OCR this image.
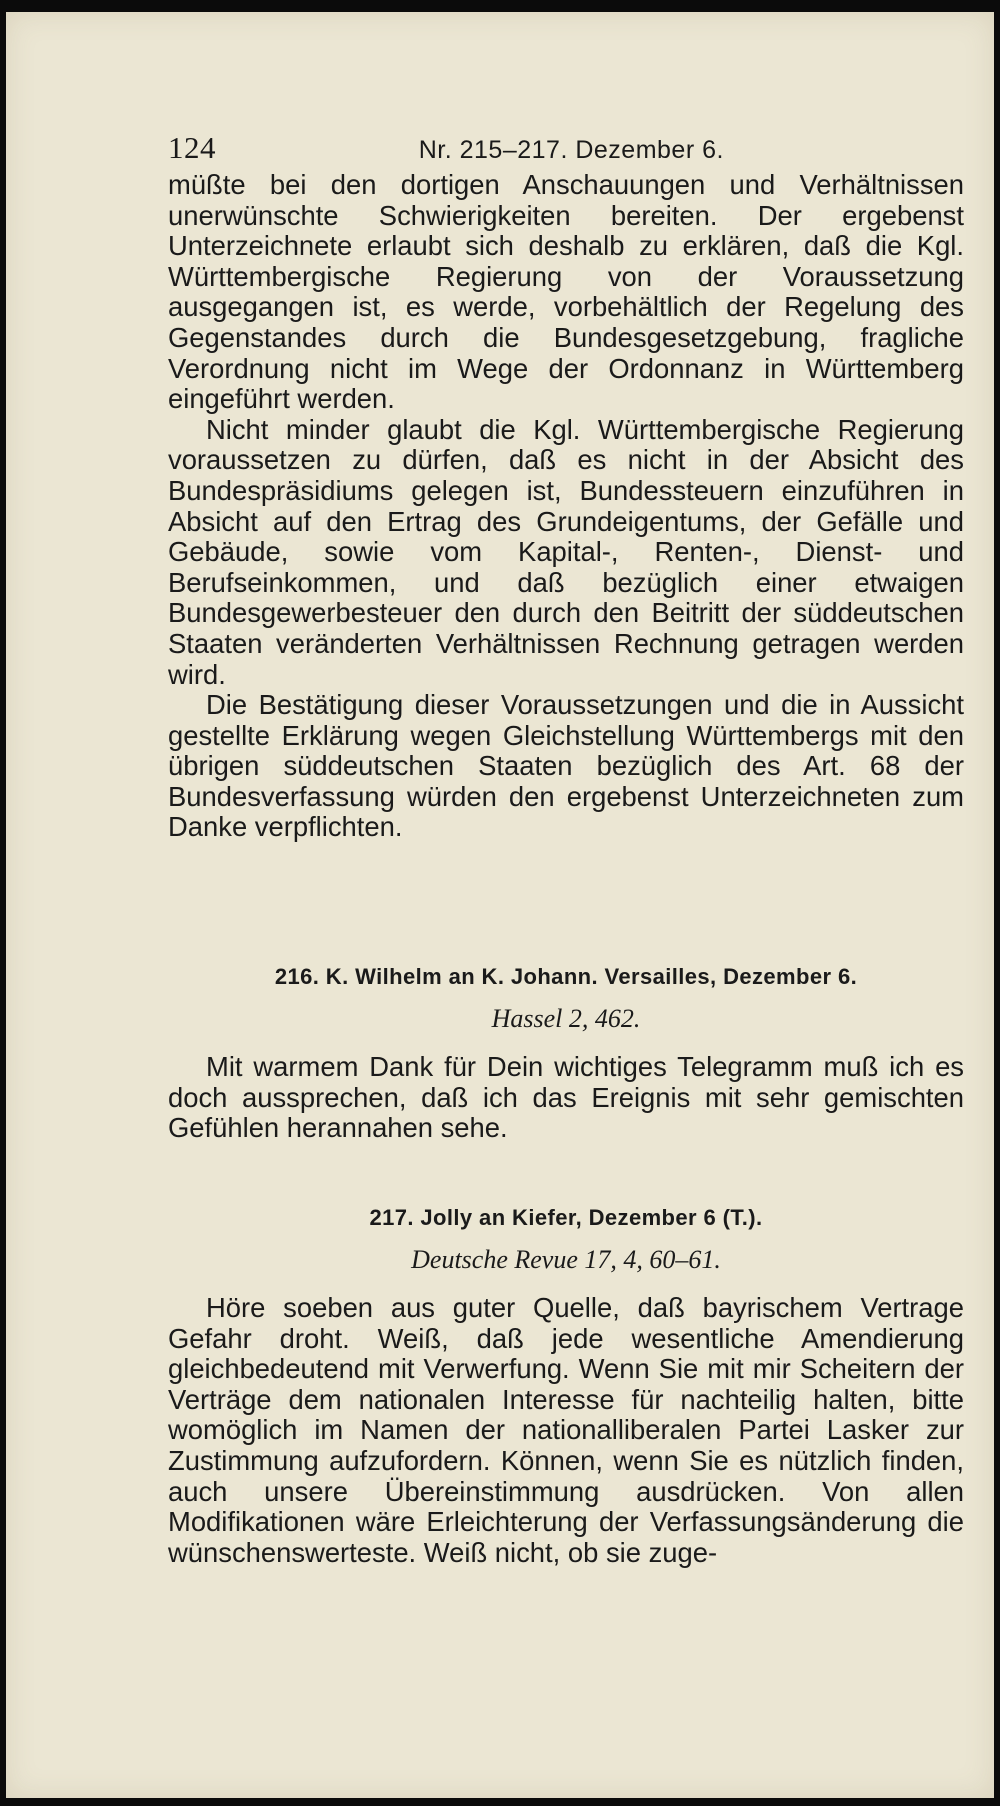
124	Nr. 215–217. Dezember 6.

müßte bei den dortigen Anschauungen und Verhältnissen unerwünschte Schwierigkeiten bereiten. Der ergebenst Unterzeichnete erlaubt sich deshalb zu erklären, daß die Kgl. Württembergische Regierung von der Voraussetzung ausgegangen ist, es werde, vorbehältlich der Regelung des Gegenstandes durch die Bundesgesetzgebung, fragliche Verordnung nicht im Wege der Ordonnanz in Württemberg eingeführt werden.

Nicht minder glaubt die Kgl. Württembergische Regierung voraussetzen zu dürfen, daß es nicht in der Absicht des Bundespräsidiums gelegen ist, Bundessteuern einzuführen in Absicht auf den Ertrag des Grundeigentums, der Gefälle und Gebäude, sowie vom Kapital-, Renten-, Dienst- und Berufseinkommen, und daß bezüglich einer etwaigen Bundesgewerbesteuer den durch den Beitritt der süddeutschen Staaten veränderten Verhältnissen Rechnung getragen werden wird.

Die Bestätigung dieser Voraussetzungen und die in Aussicht gestellte Erklärung wegen Gleichstellung Württembergs mit den übrigen süddeutschen Staaten bezüglich des Art. 68 der Bundesverfassung würden den ergebenst Unterzeichneten zum Danke verpflichten.

216. K. Wilhelm an K. Johann. Versailles, Dezember 6.
Hassel 2, 462.
Mit warmem Dank für Dein wichtiges Telegramm muß ich es doch aussprechen, daß ich das Ereignis mit sehr gemischten Gefühlen herannahen sehe.
217. Jolly an Kiefer, Dezember 6 (T.).
Deutsche Revue 17, 4, 60–61.
Höre soeben aus guter Quelle, daß bayrischem Vertrage Gefahr droht. Weiß, daß jede wesentliche Amendierung gleichbedeutend mit Verwerfung. Wenn Sie mit mir Scheitern der Verträge dem nationalen Interesse für nachteilig halten, bitte womöglich im Namen der nationalliberalen Partei Lasker zur Zustimmung aufzufordern. Können, wenn Sie es nützlich finden, auch unsere Übereinstimmung ausdrücken. Von allen Modifikationen wäre Erleichterung der Verfassungsänderung die wünschenswerteste. Weiß nicht, ob sie zuge-
